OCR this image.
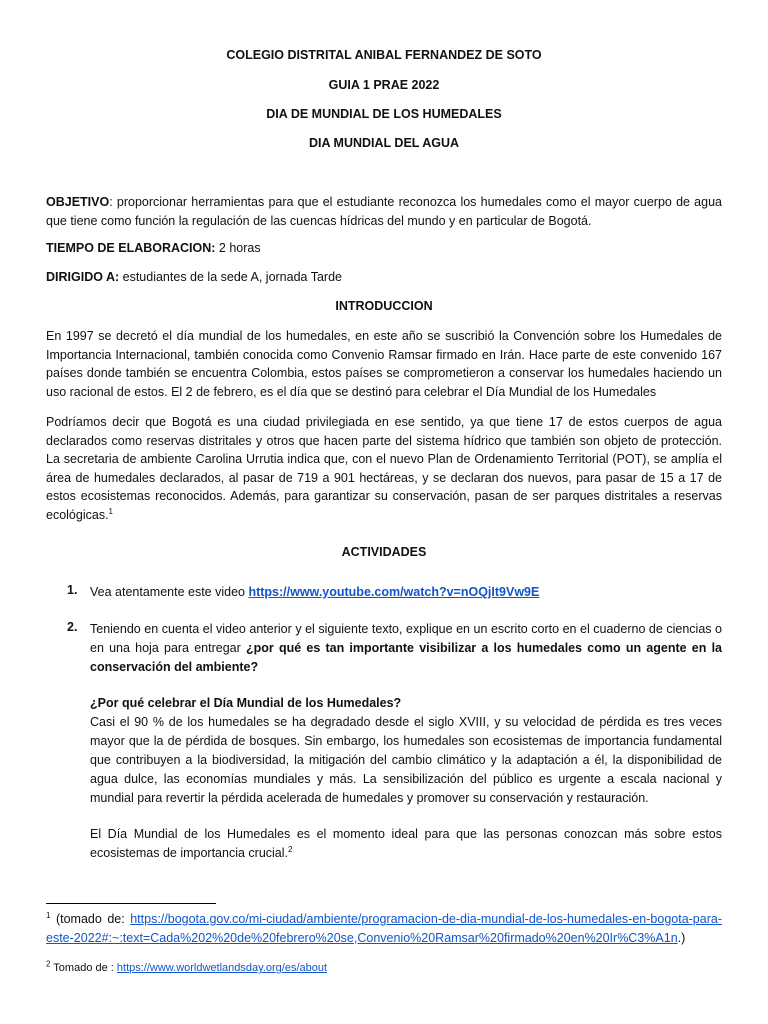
COLEGIO DISTRITAL ANIBAL FERNANDEZ DE SOTO
GUIA 1 PRAE 2022
DIA DE MUNDIAL DE LOS HUMEDALES
DIA MUNDIAL DEL AGUA
OBJETIVO: proporcionar herramientas para que el estudiante reconozca los humedales como el mayor cuerpo de agua que tiene como función la regulación de las cuencas hídricas del mundo y en particular de Bogotá.
TIEMPO DE ELABORACION: 2 horas
DIRIGIDO A: estudiantes de la sede A, jornada Tarde
INTRODUCCION
En 1997 se decretó el día mundial de los humedales, en este año se suscribió la Convención sobre los Humedales de Importancia Internacional, también conocida como Convenio Ramsar firmado en Irán. Hace parte de este convenido 167 países donde también se encuentra Colombia, estos países se comprometieron a conservar los humedales haciendo un uso racional de estos. El 2 de febrero, es el día que se destinó para celebrar el Día Mundial de los Humedales
Podríamos decir que Bogotá es una ciudad privilegiada en ese sentido, ya que tiene 17 de estos cuerpos de agua declarados como reservas distritales y otros que hacen parte del sistema hídrico que también son objeto de protección. La secretaria de ambiente Carolina Urrutia indica que, con el nuevo Plan de Ordenamiento Territorial (POT), se amplía el área de humedales declarados, al pasar de 719 a 901 hectáreas, y se declaran dos nuevos, para pasar de 15 a 17 de estos ecosistemas reconocidos. Además, para garantizar su conservación, pasan de ser parques distritales a reservas ecológicas.$^1$
ACTIVIDADES
1. Vea atentamente este video https://www.youtube.com/watch?v=nOQjIt9Vw9E
2. Teniendo en cuenta el video anterior y el siguiente texto, explique en un escrito corto en el cuaderno de ciencias o en una hoja para entregar ¿por qué es tan importante visibilizar a los humedales como un agente en la conservación del ambiente?
¿Por qué celebrar el Día Mundial de los Humedales?
Casi el 90 % de los humedales se ha degradado desde el siglo XVIII, y su velocidad de pérdida es tres veces mayor que la de pérdida de bosques. Sin embargo, los humedales son ecosistemas de importancia fundamental que contribuyen a la biodiversidad, la mitigación del cambio climático y la adaptación a él, la disponibilidad de agua dulce, las economías mundiales y más. La sensibilización del público es urgente a escala nacional y mundial para revertir la pérdida acelerada de humedales y promover su conservación y restauración.
El Día Mundial de los Humedales es el momento ideal para que las personas conozcan más sobre estos ecosistemas de importancia crucial.$^2$
$^1$ (tomado de: https://bogota.gov.co/mi-ciudad/ambiente/programacion-de-dia-mundial-de-los-humedales-en-bogota-para-este-2022#:~:text=Cada%202%20de%20febrero%20se,Convenio%20Ramsar%20firmado%20en%20Ir%C3%A1n.)
$^2$ Tomado de : https://www.worldwetlandsday.org/es/about
